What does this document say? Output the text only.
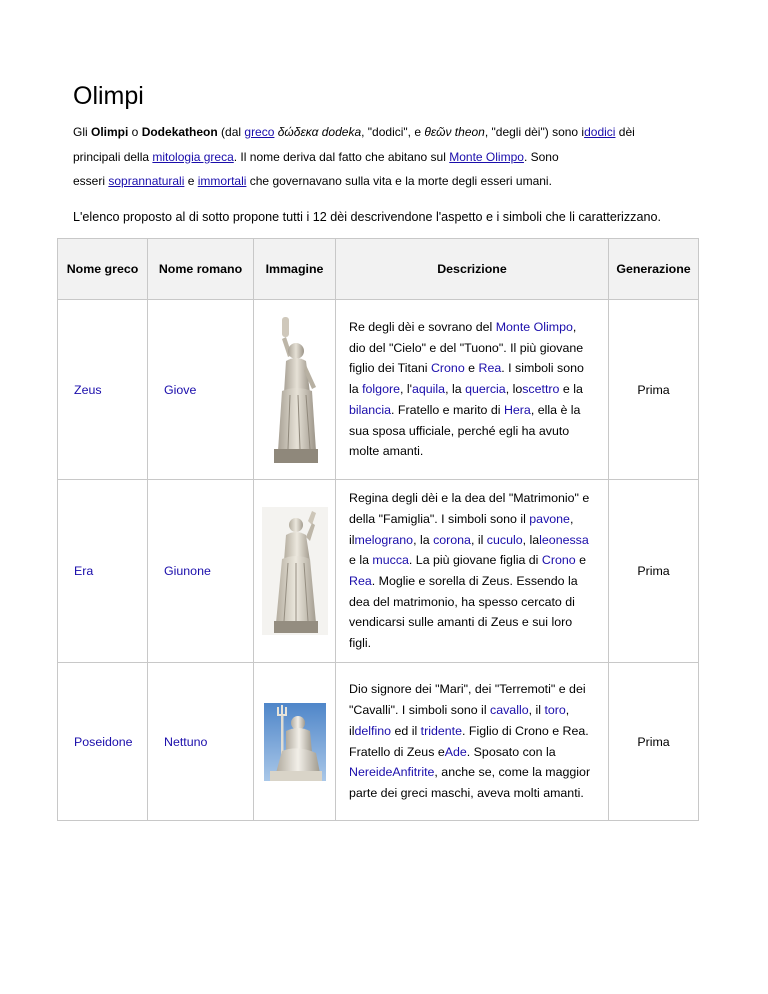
Olimpi

Gli Olimpi o Dodekatheon (dal greco δώδεκα dodeka, "dodici", e θεῶν theon, "degli dèi") sono idodici dèi

principali della mitologia greca. Il nome deriva dal fatto che abitano sul Monte Olimpo. Sono

esseri soprannaturali e immortali che governavano sulla vita e la morte degli esseri umani.

L'elenco proposto al di sotto propone tutti i 12 dèi descrivendone l'aspetto e i simboli che li caratterizzano.
Nome greco	Nome romano	Immagine	Descrizione	Generazione
Zeus	Giove		Re degli dèi e sovrano del Monte Olimpo, dio del "Cielo" e del "Tuono". Il più giovane figlio dei Titani Crono e Rea. I simboli sono la folgore, l'aquila, la quercia, loscettro e la bilancia. Fratello e marito di Hera, ella è la sua sposa ufficiale, perché egli ha avuto molte amanti.	Prima
Era	Giunone		Regina degli dèi e la dea del "Matrimonio" e della "Famiglia". I simboli sono il pavone, ilmelograno, la corona, il cuculo, laleonessa e la mucca. La più giovane figlia di Crono e Rea. Moglie e sorella di Zeus. Essendo la dea del matrimonio, ha spesso cercato di vendicarsi sulle amanti di Zeus e sui loro figli.	Prima
Poseidone	Nettuno		Dio signore dei "Mari", dei "Terremoti" e dei "Cavalli". I simboli sono il cavallo, il toro, ildelfino ed il tridente. Figlio di Crono e Rea. Fratello di Zeus eAde. Sposato con la NereideAnfitrite, anche se, come la maggior parte dei greci maschi, aveva molti amanti.	Prima
